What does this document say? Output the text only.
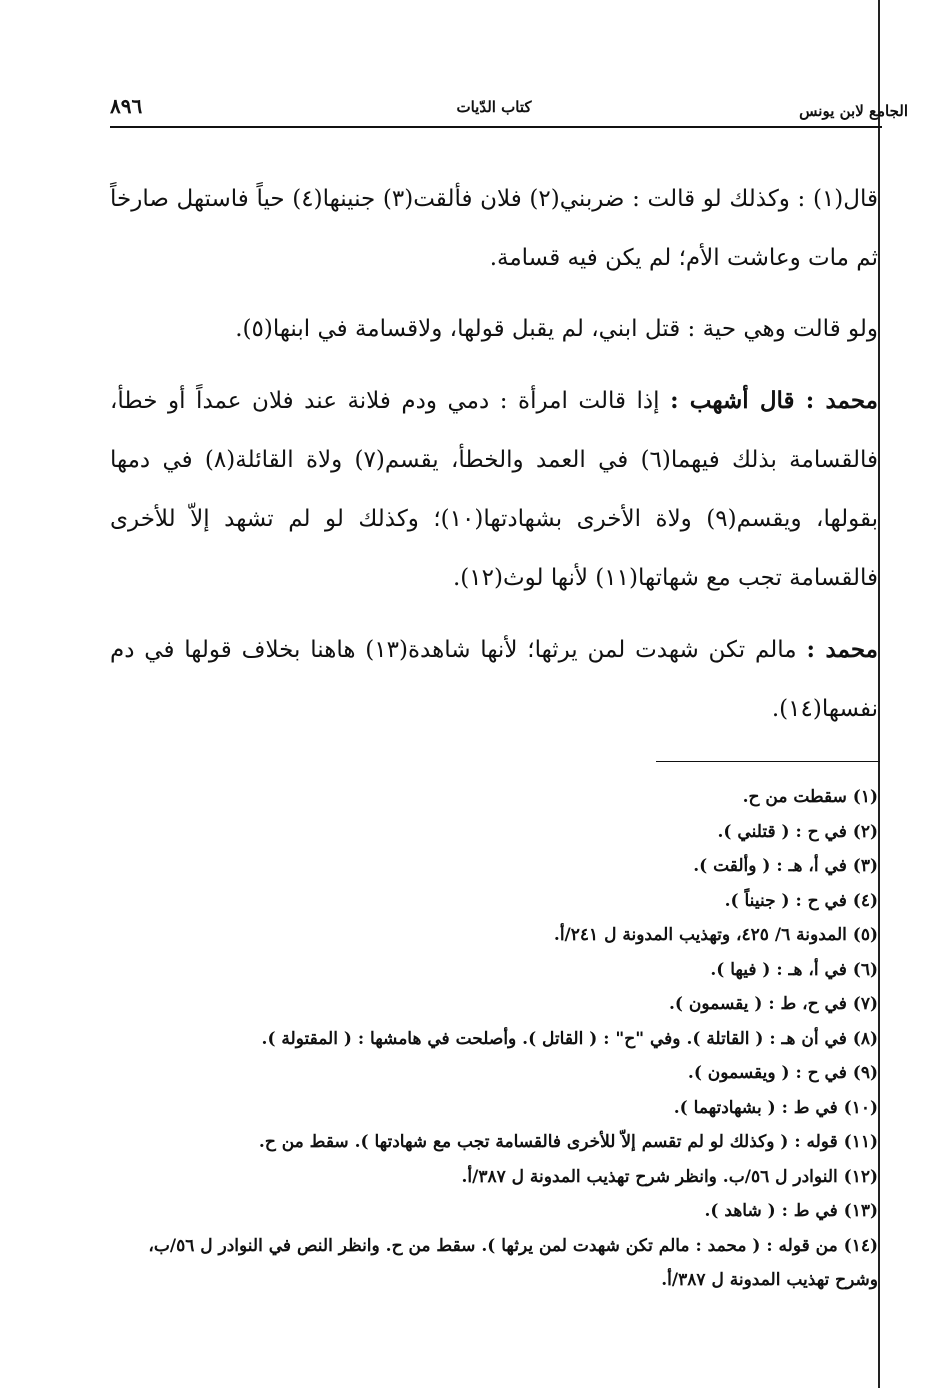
الجامع لابن يونس
كتاب الدّيات
٨٩٦

قال(١) : وكذلك لو قالت : ضربني(٢) فلان فألقت(٣) جنينها(٤) حياً فاستهل صارخاً ثم مات وعاشت الأم؛ لم يكن فيه قسامة.

ولو قالت وهي حية : قتل ابني، لم يقبل قولها، ولاقسامة في ابنها(٥).

محمد : قال أشهب : إذا قالت امرأة : دمي ودم فلانة عند فلان عمداً أو خطأ، فالقسامة بذلك فيهما(٦) في العمد والخطأ، يقسم(٧) ولاة القائلة(٨) في دمها بقولها، ويقسم(٩) ولاة الأخرى بشهادتها(١٠)؛ وكذلك لو لم تشهد إلاّ للأخرى فالقسامة تجب مع شهاتها(١١) لأنها لوث(١٢).

محمد : مالم تكن شهدت لمن يرثها؛ لأنها شاهدة(١٣) هاهنا بخلاف قولها في دم نفسها(١٤).

(١) سقطت من ح.
(٢) في ح : ( قتلني ).
(٣) في أ، هـ : ( وألقت ).
(٤) في ح : ( جنيناً ).
(٥) المدونة ٦/ ٤٢٥، وتهذيب المدونة ل ٢٤١/أ.
(٦) في أ، هـ : ( فيها ).
(٧) في ح، ط : ( يقسمون ).
(٨) في أن هـ : ( القاتلة ). وفي "ح" : ( القاتل ). وأصلحت في هامشها : ( المقتولة ).
(٩) في ح : ( ويقسمون ).
(١٠) في ط : ( بشهادتهما ).
(١١) قوله : ( وكذلك لو لم تقسم إلاّ للأخرى فالقسامة تجب مع شهادتها ). سقط من ح.
(١٢) النوادر ل ٥٦/ب. وانظر شرح تهذيب المدونة ل ٣٨٧/أ.
(١٣) في ط : ( شاهد ).
(١٤) من قوله : ( محمد : مالم تكن شهدت لمن يرثها ). سقط من ح. وانظر النص في النوادر ل ٥٦/ب، وشرح تهذيب المدونة ل ٣٨٧/أ.
